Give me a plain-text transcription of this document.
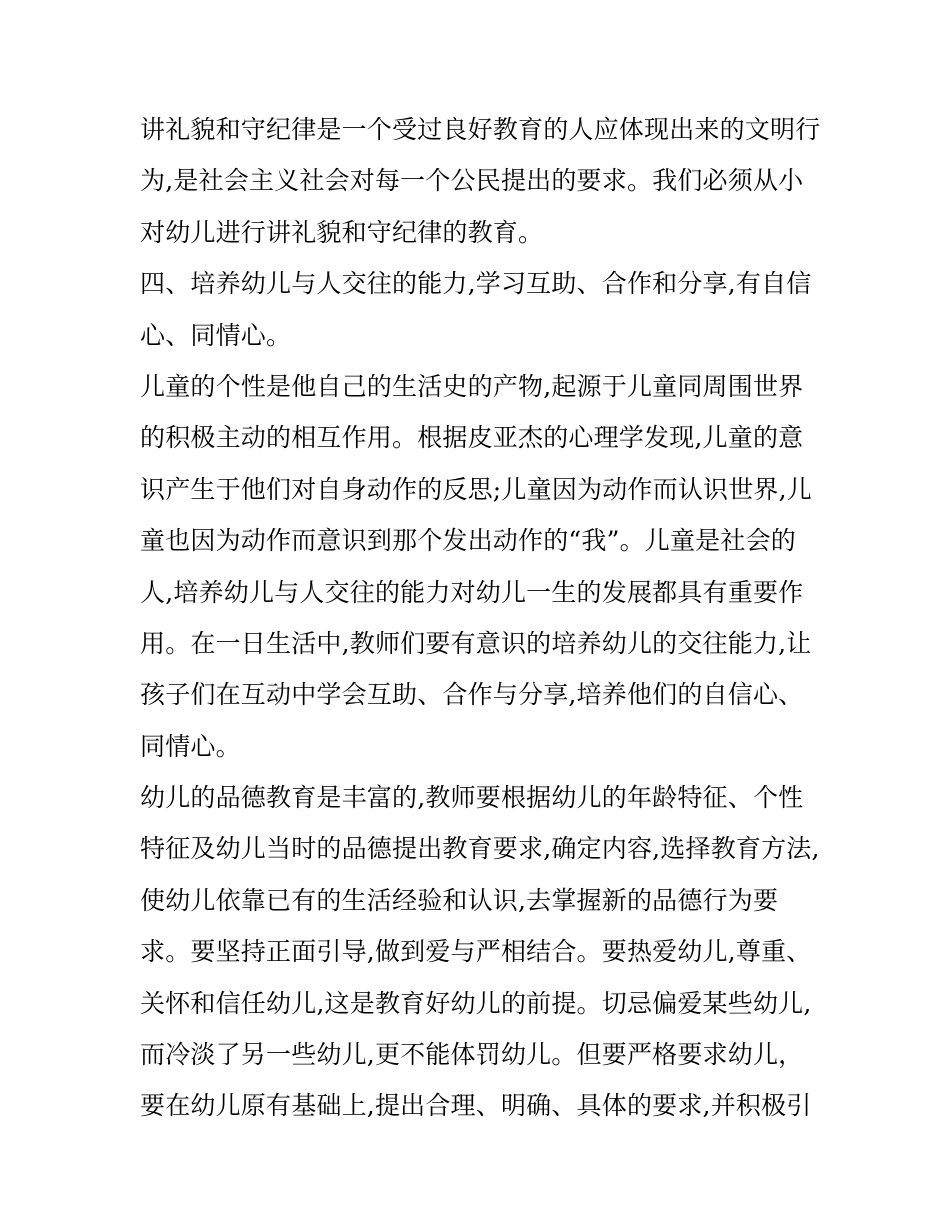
讲礼貌和守纪律是一个受过良好教育的人应体现出来的文明行
为,是社会主义社会对每一个公民提出的要求。我们必须从小
对幼儿进行讲礼貌和守纪律的教育。
四、培养幼儿与人交往的能力,学习互助、合作和分享,有自信
心、同情心。
儿童的个性是他自己的生活史的产物,起源于儿童同周围世界
的积极主动的相互作用。根据皮亚杰的心理学发现,儿童的意
识产生于他们对自身动作的反思;儿童因为动作而认识世界,儿
童也因为动作而意识到那个发出动作的“我”。儿童是社会的
人,培养幼儿与人交往的能力对幼儿一生的发展都具有重要作
用。在一日生活中,教师们要有意识的培养幼儿的交往能力,让
孩子们在互动中学会互助、合作与分享,培养他们的自信心、
同情心。
幼儿的品德教育是丰富的,教师要根据幼儿的年龄特征、个性
特征及幼儿当时的品德提出教育要求,确定内容,选择教育方法,
使幼儿依靠已有的生活经验和认识,去掌握新的品德行为要
求。要坚持正面引导,做到爱与严相结合。要热爱幼儿,尊重、
关怀和信任幼儿,这是教育好幼儿的前提。切忌偏爱某些幼儿,
而冷淡了另一些幼儿,更不能体罚幼儿。但要严格要求幼儿，
要在幼儿原有基础上,提出合理、明确、具体的要求,并积极引
